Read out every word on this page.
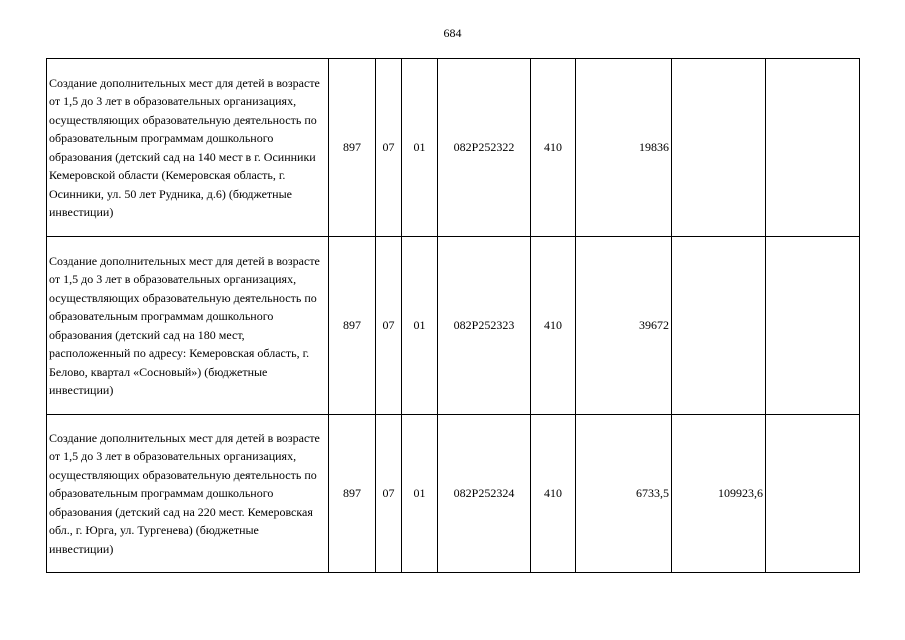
684
Создание дополнительных мест для детей в возрасте от 1,5 до 3 лет в образовательных организациях, осуществляющих образовательную деятельность по образовательным программам дошкольного образования (детский сад на 140 мест в г. Осинники Кемеровской области (Кемеровская область, г. Осинники, ул. 50 лет Рудника, д.6) (бюджетные инвестиции)	897	07	01	082P252322	410	19836		
Создание дополнительных мест для детей в возрасте от 1,5 до 3 лет в образовательных организациях, осуществляющих образовательную деятельность по образовательным программам дошкольного образования (детский сад на 180 мест, расположенный по адресу: Кемеровская область, г. Белово, квартал «Сосновый») (бюджетные инвестиции)	897	07	01	082P252323	410	39672		
Создание дополнительных мест для детей в возрасте от 1,5 до 3 лет в образовательных организациях, осуществляющих образовательную деятельность по образовательным программам дошкольного образования (детский сад на 220 мест. Кемеровская обл., г. Юрга, ул. Тургенева) (бюджетные инвестиции)	897	07	01	082P252324	410	6733,5	109923,6	
